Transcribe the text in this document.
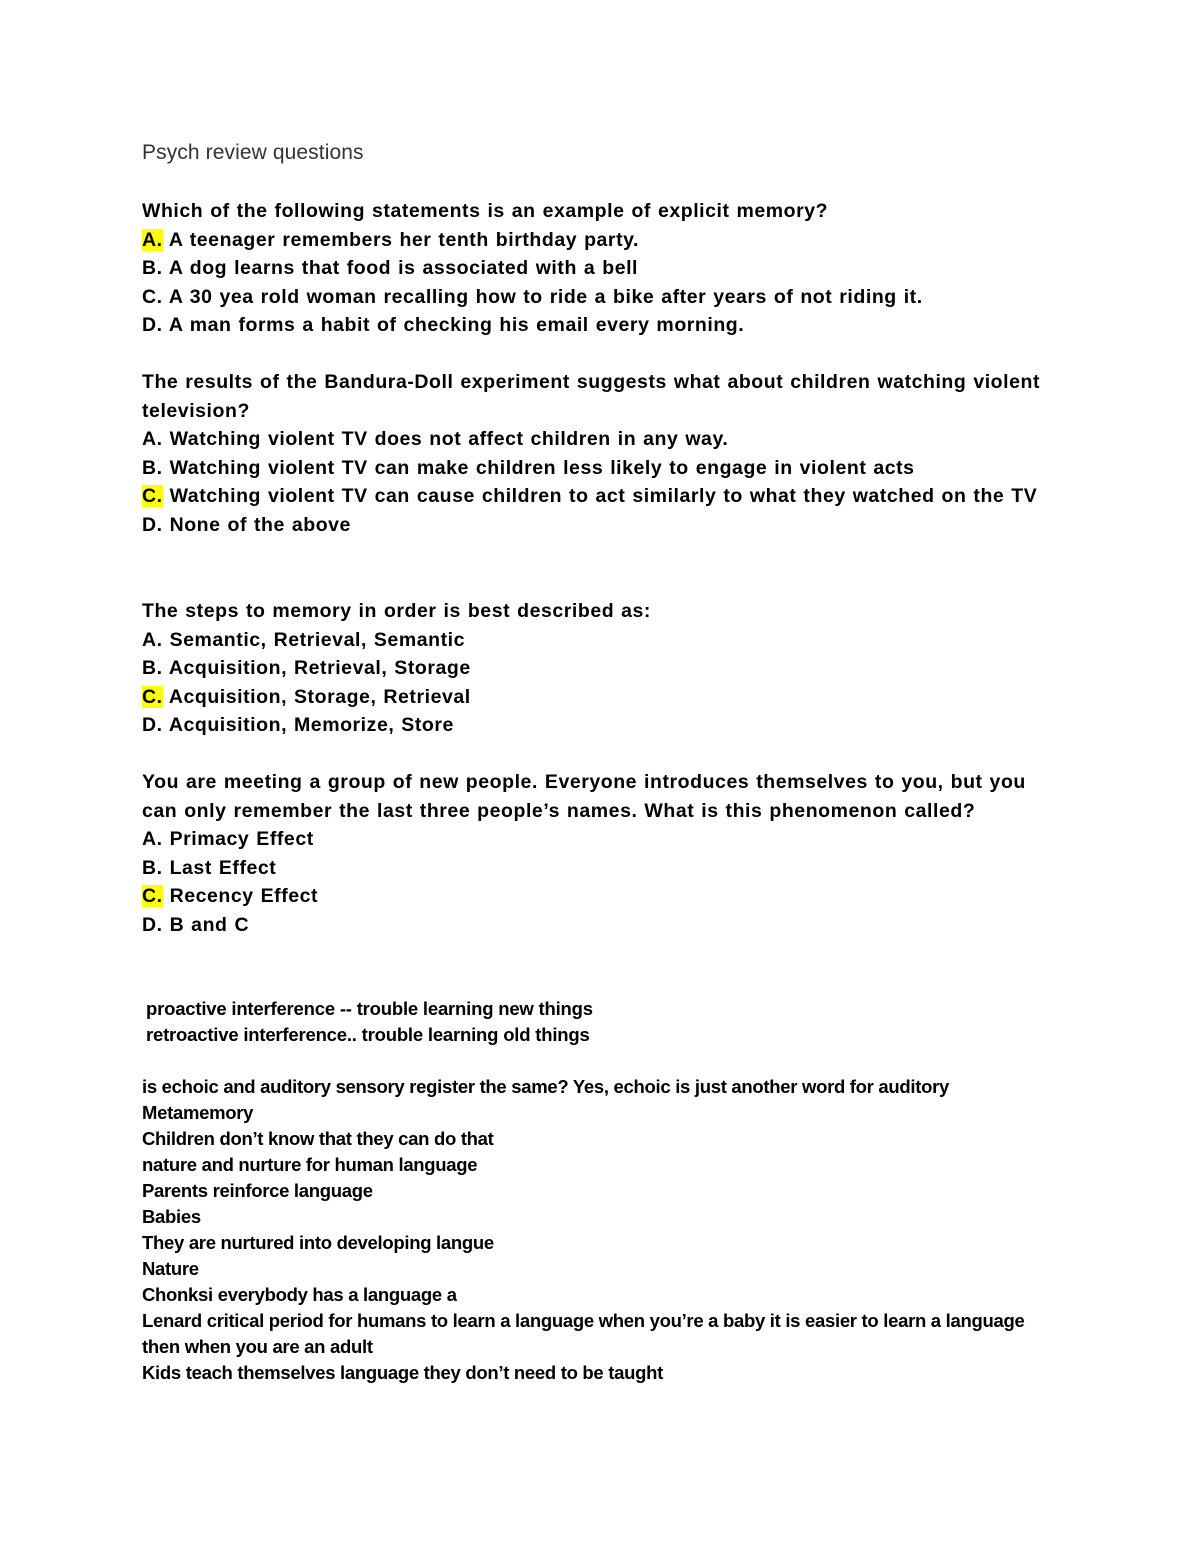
Psych review questions

Which of the following statements is an example of explicit memory?

A. A teenager remembers her tenth birthday party.

B. A dog learns that food is associated with a bell

C. A 30 yea rold woman recalling how to ride a bike after years of not riding it.

D. A man forms a habit of checking his email every morning.

The results of the Bandura-Doll experiment suggests what about children watching violent television?

A. Watching violent TV does not affect children in any way.

B. Watching violent TV can make children less likely to engage in violent acts

C. Watching violent TV can cause children to act similarly to what they watched on the TV

D. None of the above

The steps to memory in order is best described as:

A. Semantic, Retrieval, Semantic

B. Acquisition, Retrieval, Storage

C. Acquisition, Storage, Retrieval

D. Acquisition, Memorize, Store

You are meeting a group of new people. Everyone introduces themselves to you, but you can only remember the last three people’s names. What is this phenomenon called?

A. Primacy Effect

B. Last Effect

C. Recency Effect

D. B and C

proactive interference -- trouble learning new things

retroactive interference.. trouble learning old things

is echoic and auditory sensory register the same? Yes, echoic is just another word for auditory

Metamemory

Children don’t know that they can do that

nature and nurture for human language

Parents reinforce language

Babies

They are nurtured into developing langue

Nature

Chonksi everybody has a language a

Lenard critical period for humans to learn a language when you’re a baby it is easier to learn a language then when you are an adult

Kids teach themselves language they don’t need to be taught
